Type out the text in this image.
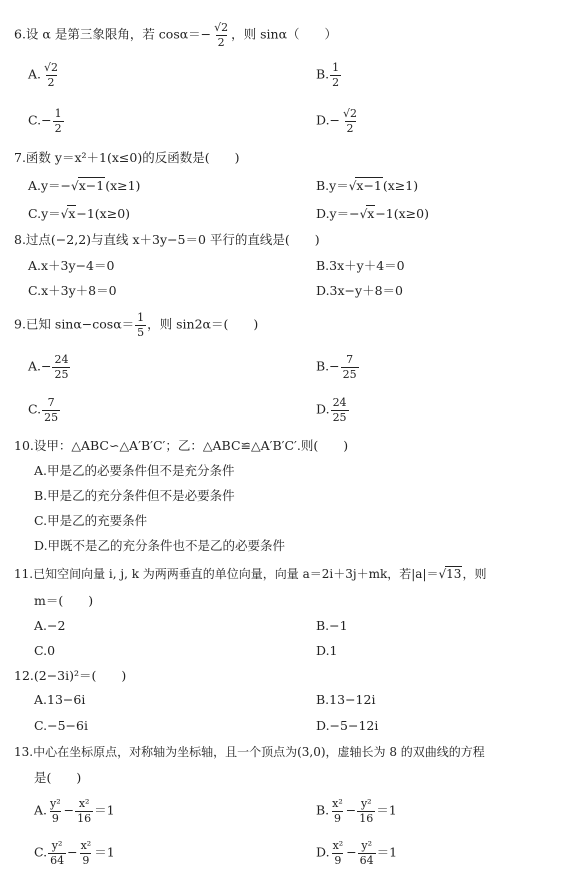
6.设 α 是第三象限角，若 $\cos\alpha=- \frac{√2}{2}$ ，则 sinα（　　）
A. $\frac{√2}{2}$	B. $\frac{1}{2}$
$C.- \frac{1}{2}$	$D.- \frac{√2}{2}$
7.函数 y＝x²＋1(x≤0)的反函数是(　　)
A.y＝−√x−1(x≥1)	B.y＝√x−1(x≥1)
C.y＝√x−1(x≥0)	D.y＝−√x−1(x≥0)
8.过点(−2,2)与直线 x＋3y−5＝0 平行的直线是(　　)
A.x＋3y−4＝0	B.3x＋y＋4＝0
C.x＋3y＋8＝0	D.3x−y＋8＝0
9.已知 $\sin\alpha-\cos\alpha= \frac{1}{5}$ ，则 sin2α＝(　　)
$A.- \frac{24}{25}$	$B.- \frac{7}{25}$
C. $\frac{7}{25}$	D. $\frac{24}{25}$
10.设甲：△ABC∽△A′B′C′；乙：△ABC≌△A′B′C′.则(　　)
A.甲是乙的必要条件但不是充分条件
B.甲是乙的充分条件但不是必要条件
C.甲是乙的充要条件
D.甲既不是乙的充分条件也不是乙的必要条件
11.已知空间向量 i, j, k 为两两垂直的单位向量，向量 a＝2i＋3j＋mk，若|a|＝√13，则
m＝(　　)
A.−2	B.−1
C.0	D.1
12.(2−3i)²＝(　　)
A.13−6i	B.13−12i
C.−5−6i	D.−5−12i
13.中心在坐标原点，对称轴为坐标轴，且一个顶点为(3,0)，虚轴长为 8 的双曲线的方程
是(　　)
A. $\frac{\text{y²}}{9} - \frac{\text{x²}}{16} =1$	B. $\frac{\text{x²}}{9} - \frac{\text{y²}}{16} =1$
C. $\frac{\text{y²}}{64} - \frac{\text{x²}}{9} =1$	D. $\frac{\text{x²}}{9} - \frac{\text{y²}}{64} =1$
